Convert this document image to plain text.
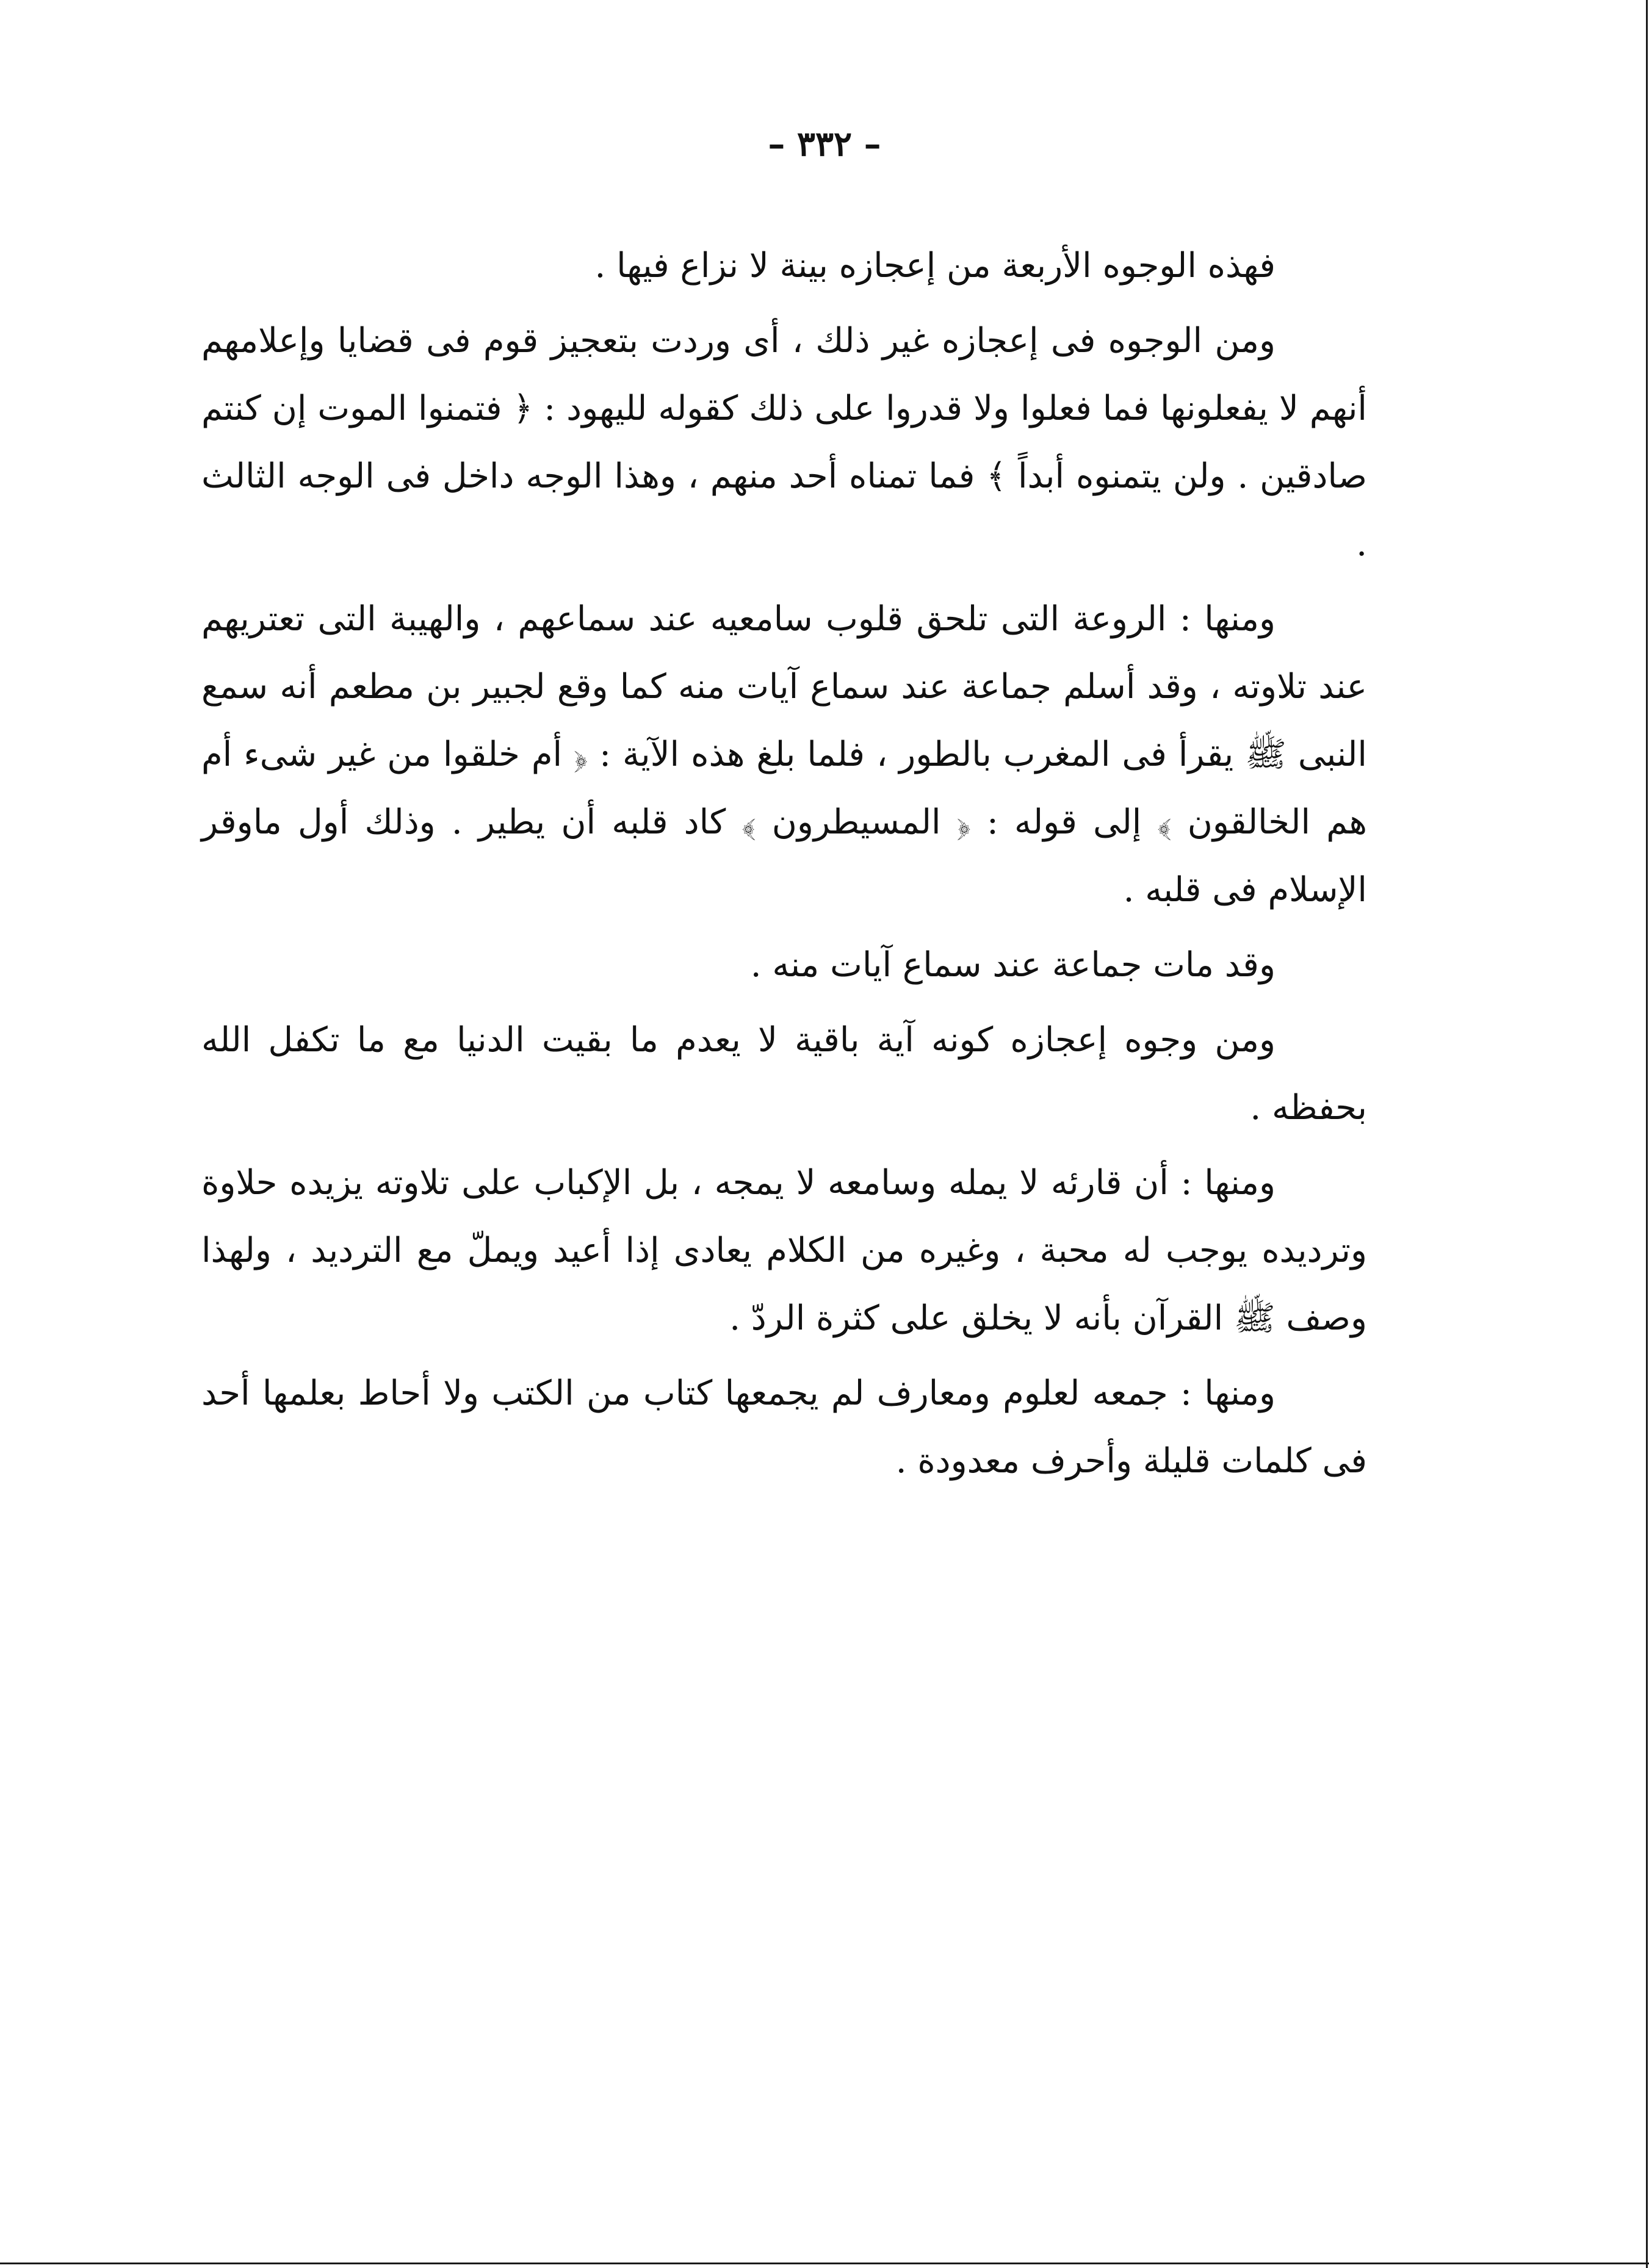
– ٣٣٢ –

فهذه الوجوه الأربعة من إعجازه بينة لا نزاع فيها .

ومن الوجوه فى إعجازه غير ذلك ، أى وردت بتعجيز قوم فى قضايا وإعلامهم أنهم لا يفعلونها فما فعلوا ولا قدروا على ذلك كقوله لليهود : ﴿ فتمنوا الموت إن كنتم صادقين . ولن يتمنوه أبداً ﴾ فما تمناه أحد منهم ، وهذا الوجه داخل فى الوجه الثالث .

ومنها : الروعة التى تلحق قلوب سامعيه عند سماعهم ، والهيبة التى تعتريهم عند تلاوته ، وقد أسلم جماعة عند سماع آيات منه كما وقع لجبير بن مطعم أنه سمع النبى ﷺ يقرأ فى المغرب بالطور ، فلما بلغ هذه الآية : ﴿ أم خلقوا من غير شىء أم هم الخالقون ﴾ إلى قوله : ﴿ المسيطرون ﴾ كاد قلبه أن يطير . وذلك أول ماوقر الإسلام فى قلبه .

وقد مات جماعة عند سماع آيات منه .

ومن وجوه إعجازه كونه آية باقية لا يعدم ما بقيت الدنيا مع ما تكفل الله بحفظه .

ومنها : أن قارئه لا يمله وسامعه لا يمجه ، بل الإكباب على تلاوته يزيده حلاوة وترديده يوجب له محبة ، وغيره من الكلام يعادى إذا أعيد ويملّ مع الترديد ، ولهذا وصف ﷺ القرآن بأنه لا يخلق على كثرة الردّ .

ومنها : جمعه لعلوم ومعارف لم يجمعها كتاب من الكتب ولا أحاط بعلمها أحد فى كلمات قليلة وأحرف معدودة .
